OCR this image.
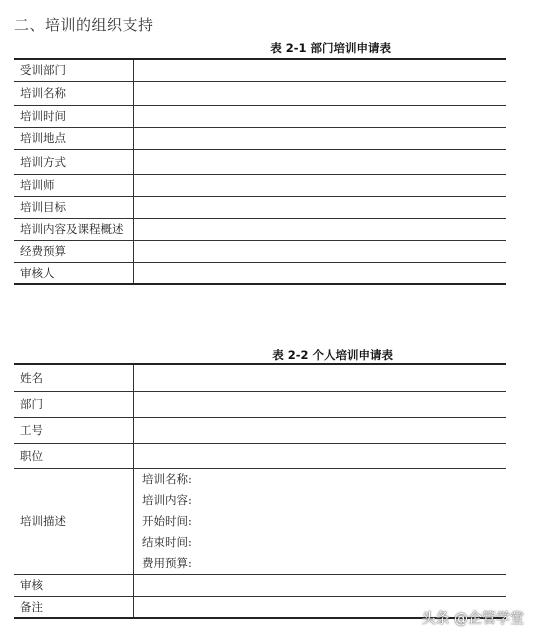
二、培训的组织支持
表 2-1 部门培训申请表
受训部门	
培训名称	
培训时间	
培训地点	
培训方式	
培训师	
培训目标	
培训内容及课程概述	
经费预算	
审核人	
表 2-2 个人培训申请表
姓名	
部门	
工号	
职位	
培训描述	培训名称:
培训内容:
开始时间:
结束时间:
费用预算:

审核	
备注	
头条 @企管学堂
